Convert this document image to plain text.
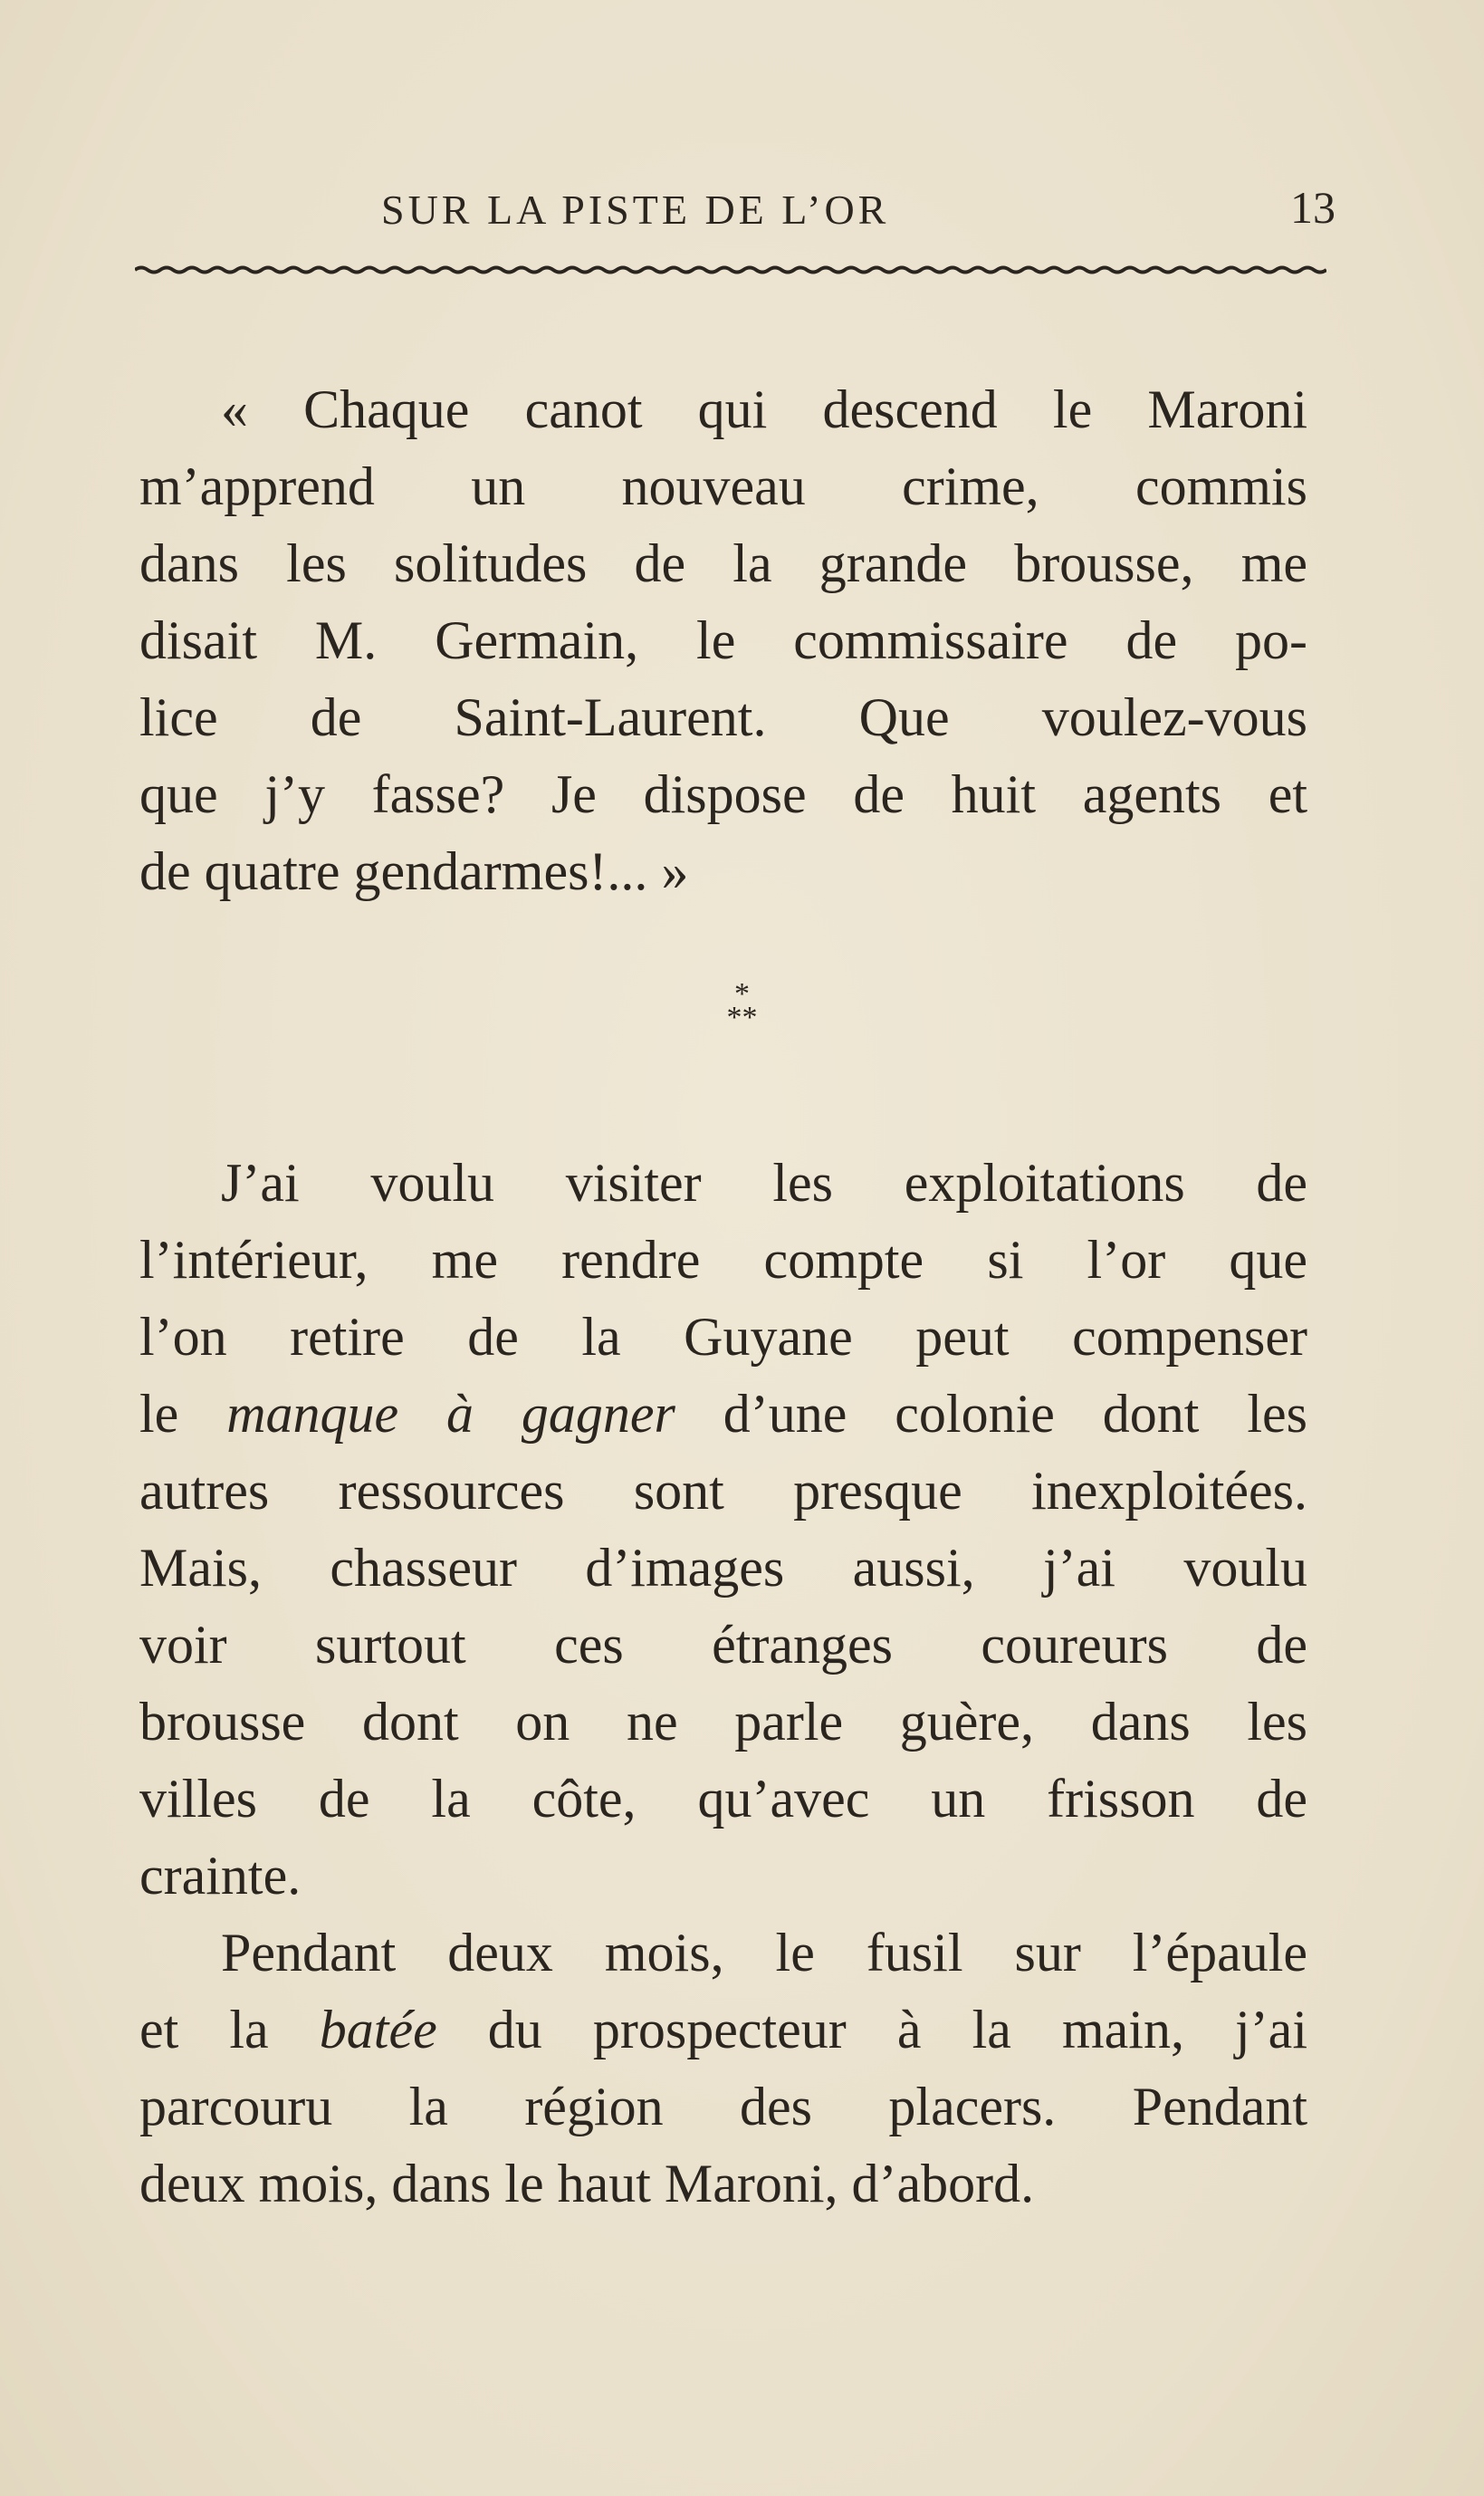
SUR LA PISTE DE L’OR	13
« Chaque canot qui descend le Maroni
m’apprend un nouveau crime, commis
dans les solitudes de la grande brousse, me
disait M. Germain, le commissaire de po-
lice de Saint-Laurent. Que voulez-vous
que j’y fasse? Je dispose de huit agents et
de quatre gendarmes!... »
*
**
J’ai voulu visiter les exploitations de
l’intérieur, me rendre compte si l’or que
l’on retire de la Guyane peut compenser
le manque à gagner d’une colonie dont les
autres ressources sont presque inexploitées.
Mais, chasseur d’images aussi, j’ai voulu
voir surtout ces étranges coureurs de
brousse dont on ne parle guère, dans les
villes de la côte, qu’avec un frisson de
crainte.
Pendant deux mois, le fusil sur l’épaule
et la batée du prospecteur à la main, j’ai
parcouru la région des placers. Pendant
deux mois, dans le haut Maroni, d’abord.
